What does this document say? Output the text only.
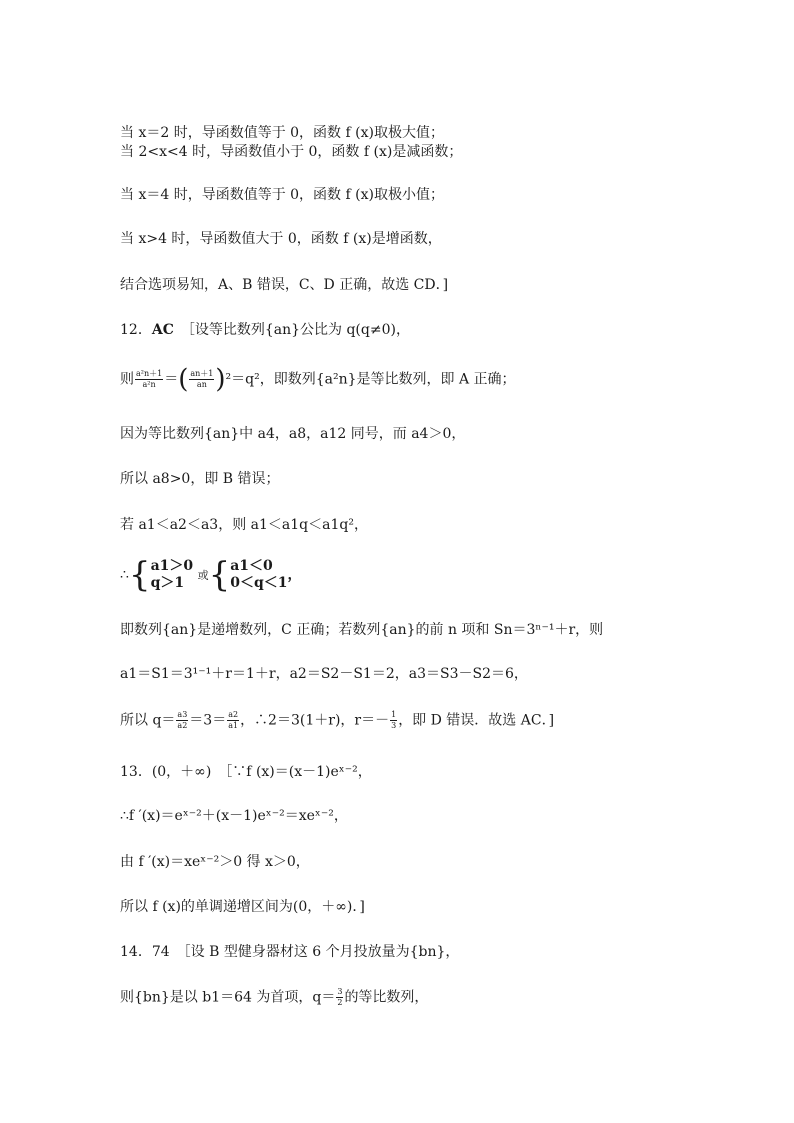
当 x＝2 时，导函数值等于 0，函数 f (x)取极大值；
当 2<x<4 时，导函数值小于 0，函数 f (x)是减函数；
当 x＝4 时，导函数值等于 0，函数 f (x)取极小值；
当 x>4 时，导函数值大于 0，函数 f (x)是增函数，
结合选项易知，A、B 错误，C、D 正确，故选 CD．]
12．AC　 ［设等比数列{an}公比为 q(q≠0)，
则 $\frac{\text{a²n＋1}}{\text{a²n}}$ ＝( $\frac{an+1}{an} )^2=q^2$，即数列{a²n}是等比数列，即 A 正确；
因为等比数列{an}中 a4，a8，a12 同号，而 a4＞0，
所以 a8>0，即 B 错误；
若 a1＜a2＜a3，则 a1＜a1q＜a1q²，
∴{ a1＞0
q＞1	或{ a1＜0
0＜q＜1 ，
即数列{an}是递增数列，C 正确；若数列{an}的前 n 项和 Sn＝3ⁿ⁻¹＋r，则
a1＝S1＝3¹⁻¹＋r＝1＋r，a2＝S2－S1＝2，a3＝S3－S2＝6，
所以 $q= \frac{a3}{a2} =3= \frac{a2}{a1}$ ，∴2＝3(1＋r)，$r=- \frac{1}{3}$ ，即 D 错误．故选 AC．]
13．(0，＋∞)　［∵f (x)＝(x－1)eˣ⁻²，
∴f ′(x)＝eˣ⁻²＋(x－1)eˣ⁻²＝xeˣ⁻²，
由 f ′(x)＝xeˣ⁻²＞0 得 x＞0，
所以 f (x)的单调递增区间为(0，＋∞)．]
14．74　［设 B 型健身器材这 6 个月投放量为{bn}，
则{bn}是以 b1＝64 为首项，$q= \frac{3}{2}$ 的等比数列，
